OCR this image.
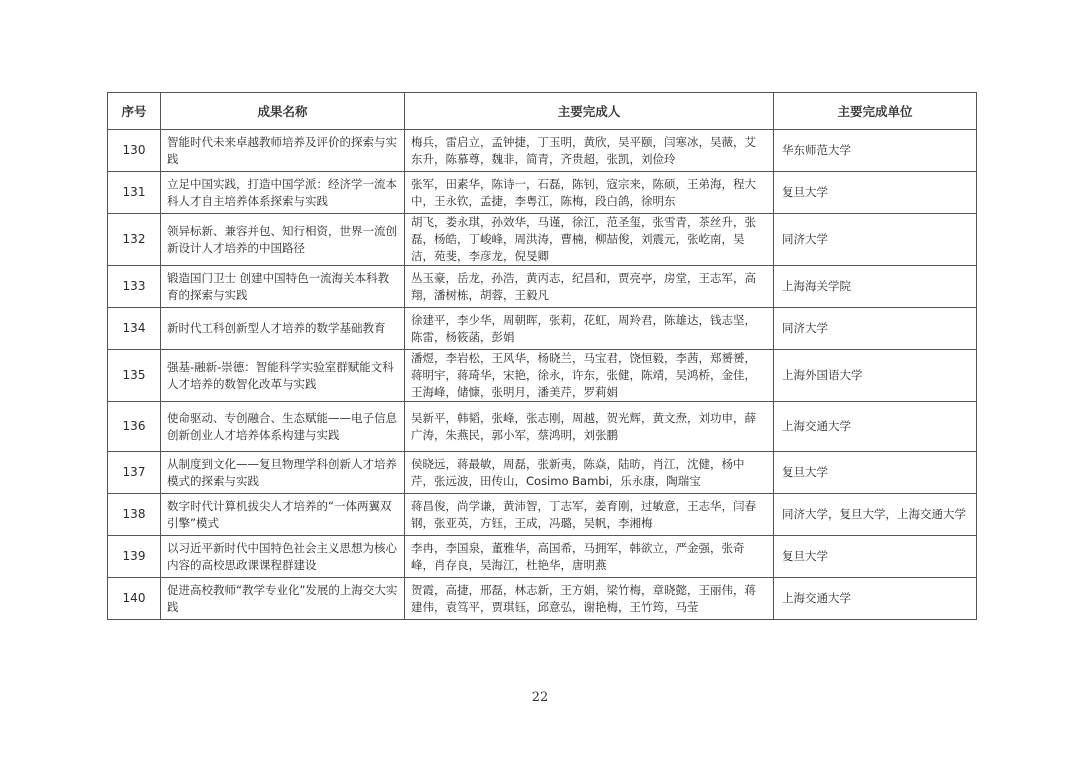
序号	成果名称	主要完成人	主要完成单位
130	智能时代未来卓越教师培养及评价的探索与实践	梅兵，雷启立，孟钟捷，丁玉明，黄欣，吴平颐，闫寒冰，吴薇，艾东升，陈慕尊，魏非，简青，齐贵超，张凯，刘俭玲	华东师范大学
131	立足中国实践，打造中国学派：经济学一流本科人才自主培养体系探索与实践	张军，田素华，陈诗一，石磊，陈钊，寇宗来，陈硕，王弟海，程大中，王永钦，孟捷，李粤江，陈梅，段白鸽，徐明东	复旦大学
132	领异标新、兼容并包、知行相资，世界一流创新设计人才培养的中国路径	胡飞，娄永琪，孙效华，马谨，徐江，范圣玺，张雪青，茶丝升，张磊，杨皓，丁峻峰，周洪涛，曹楠，柳喆俊，刘震元，张屹南，吴洁，苑斐，李彦龙，倪旻卿	同济大学
133	锻造国门卫士 创建中国特色一流海关本科教育的探索与实践	丛玉豪，岳龙，孙浩，黄丙志，纪昌和，贾亮亭，房堂，王志军，高翔，潘树栋，胡蓉，王毅凡	上海海关学院
134	新时代工科创新型人才培养的数学基础教育	徐建平，李少华，周朝晖，张莉，花虹，周羚君，陈雄达，钱志坚，陈雷，杨筱菡，彭娟	同济大学
135	强基-融新-崇德：智能科学实验室群赋能文科人才培养的数智化改革与实践	潘煜，李岩松，王风华，杨晓兰，马宝君，饶恒毅，李茜，郑赟赟，蒋明宇，蒋琦华，宋艳，徐永，许东，张健，陈靖，吴鸿桥，金佳，王海峰，储慷，张明月，潘美芹，罗莉娟	上海外国语大学
136	使命驱动、专创融合、生态赋能——电子信息创新创业人才培养体系构建与实践	吴新平，韩韬，张峰，张志刚，周越，贺光辉，黄文焘，刘功申，薛广涛，朱燕民，郭小军，蔡鸿明，刘张鹏	上海交通大学
137	从制度到文化——复旦物理学科创新人才培养模式的探索与实践	侯晓远，蒋最敏，周磊，张新夷，陈焱，陆昉，肖江，沈健，杨中芹，张远波，田传山，Cosimo Bambi，乐永康，陶瑞宝	复旦大学
138	数字时代计算机拔尖人才培养的“一体两翼双引擎”模式	蒋昌俊，尚学谦，黄沛智，丁志军，姜育刚，过敏意，王志华，闫春钢，张亚英，方钰，王成，冯璐，吴帆，李湘梅	同济大学，复旦大学，上海交通大学
139	以习近平新时代中国特色社会主义思想为核心内容的高校思政课课程群建设	李冉，李国泉，董雅华，高国希，马拥军，韩欲立，严金强，张奇峰，肖存良，吴海江，杜艳华，唐明燕	复旦大学
140	促进高校教师“教学专业化”发展的上海交大实践	贺霞，高捷，邢磊，林志新，王方娟，梁竹梅，章晓懿，王丽伟，蒋建伟，袁笃平，贾琪钰，邱意弘，谢艳梅，王竹筠，马莹	上海交通大学
22
